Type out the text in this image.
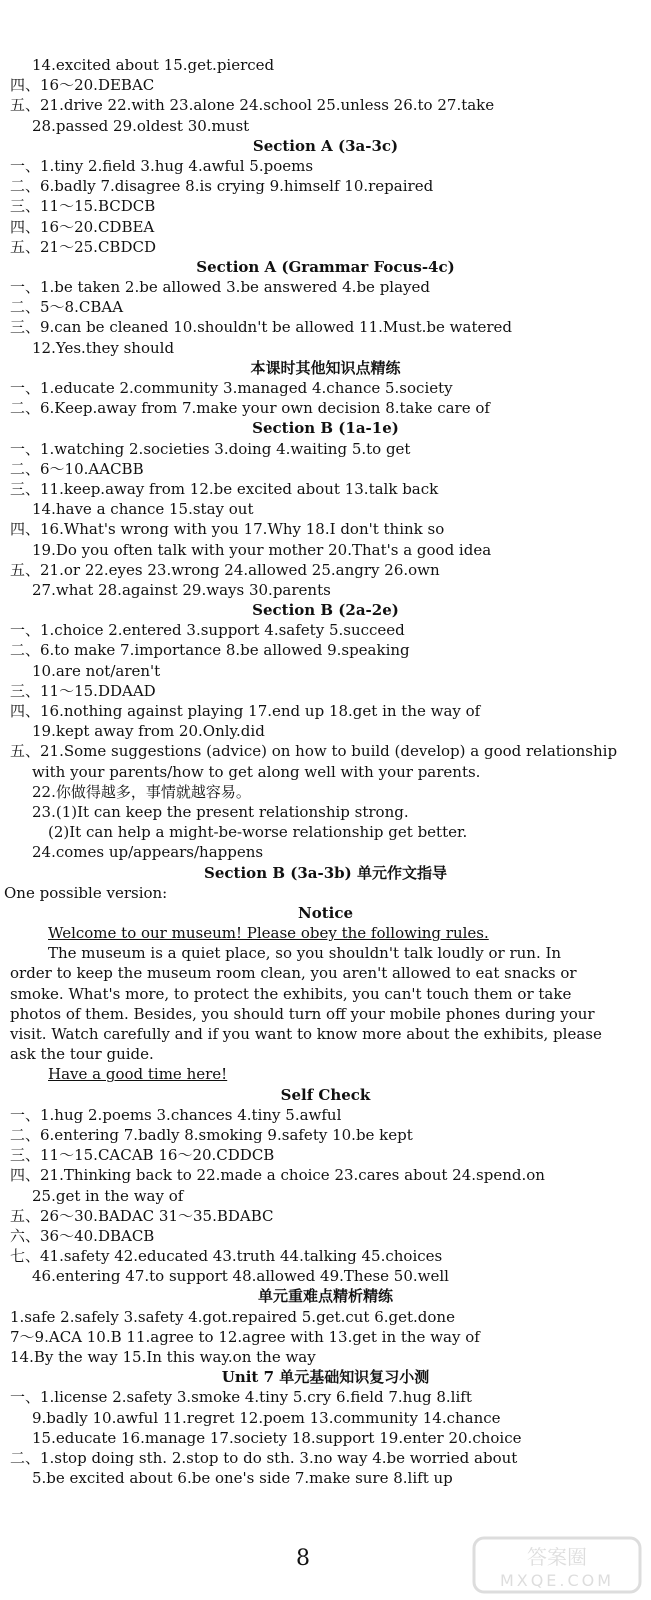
14.excited about 15.get.pierced
四、16～20.DEBAC
五、21.drive 22.with 23.alone 24.school 25.unless 26.to 27.take
28.passed 29.oldest 30.must
Section A (3a-3c)
一、1.tiny 2.field 3.hug 4.awful 5.poems
二、6.badly 7.disagree 8.is crying 9.himself 10.repaired
三、11～15.BCDCB
四、16～20.CDBEA
五、21～25.CBDCD
Section A (Grammar Focus-4c)
一、1.be taken 2.be allowed 3.be answered 4.be played
二、5～8.CBAA
三、9.can be cleaned 10.shouldn't be allowed 11.Must.be watered
12.Yes.they should
本课时其他知识点精练
一、1.educate 2.community 3.managed 4.chance 5.society
二、6.Keep.away from 7.make your own decision 8.take care of
Section B (1a-1e)
一、1.watching 2.societies 3.doing 4.waiting 5.to get
二、6～10.AACBB
三、11.keep.away from 12.be excited about 13.talk back
14.have a chance 15.stay out
四、16.What's wrong with you 17.Why 18.I don't think so
19.Do you often talk with your mother 20.That's a good idea
五、21.or 22.eyes 23.wrong 24.allowed 25.angry 26.own
27.what 28.against 29.ways 30.parents
Section B (2a-2e)
一、1.choice 2.entered 3.support 4.safety 5.succeed
二、6.to make 7.importance 8.be allowed 9.speaking
10.are not/aren't
三、11～15.DDAAD
四、16.nothing against playing 17.end up 18.get in the way of
19.kept away from 20.Only.did
五、21.Some suggestions (advice) on how to build (develop) a good relationship
with your parents/how to get along well with your parents.
22.你做得越多，事情就越容易。
23.(1)It can keep the present relationship strong.
(2)It can help a might-be-worse relationship get better.
24.comes up/appears/happens
Section B (3a-3b) 单元作文指导
One possible version:
Notice
Welcome to our museum! Please obey the following rules.
The museum is a quiet place, so you shouldn't talk loudly or run. In
order to keep the museum room clean, you aren't allowed to eat snacks or
smoke. What's more, to protect the exhibits, you can't touch them or take
photos of them. Besides, you should turn off your mobile phones during your
visit. Watch carefully and if you want to know more about the exhibits, please
ask the tour guide.
Have a good time here!
Self Check
一、1.hug 2.poems 3.chances 4.tiny 5.awful
二、6.entering 7.badly 8.smoking 9.safety 10.be kept
三、11～15.CACAB 16～20.CDDCB
四、21.Thinking back to 22.made a choice 23.cares about 24.spend.on
25.get in the way of
五、26～30.BADAC 31～35.BDABC
六、36～40.DBACB
七、41.safety 42.educated 43.truth 44.talking 45.choices
46.entering 47.to support 48.allowed 49.These 50.well
单元重难点精析精练
1.safe 2.safely 3.safety 4.got.repaired 5.get.cut 6.get.done
7～9.ACA 10.B 11.agree to 12.agree with 13.get in the way of
14.By the way 15.In this way.on the way
Unit 7 单元基础知识复习小测
一、1.license 2.safety 3.smoke 4.tiny 5.cry 6.field 7.hug 8.lift
9.badly 10.awful 11.regret 12.poem 13.community 14.chance
15.educate 16.manage 17.society 18.support 19.enter 20.choice
二、1.stop doing sth. 2.stop to do sth. 3.no way 4.be worried about
5.be excited about 6.be one's side 7.make sure 8.lift up
8	答案圈
MXQE.COM
